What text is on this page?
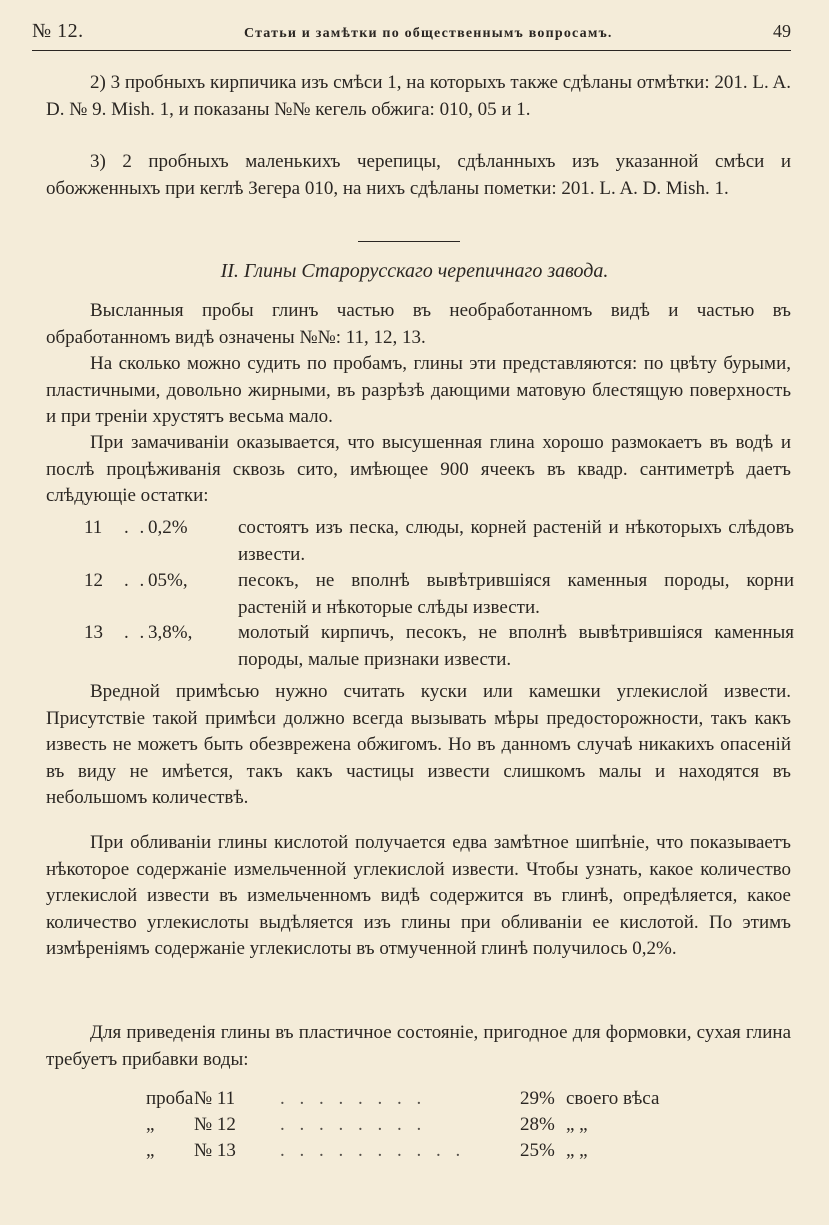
№ 12.	Статьи и замѣтки по общественнымъ вопросамъ.	49
2) 3 пробныхъ кирпичика изъ смѣси 1, на которыхъ также сдѣланы отмѣтки: 201. L. A. D. № 9. Mish. 1, и показаны №№ кегель обжига: 010, 05 и 1.
3) 2 пробныхъ маленькихъ черепицы, сдѣланныхъ изъ указанной смѣси и обожженныхъ при кеглѣ Зегера 010, на нихъ сдѣланы пометки: 201. L. A. D. Mish. 1.
II. Глины Старорусскаго черепичнаго завода.
Высланныя пробы глинъ частью въ необработанномъ видѣ и частью въ обработанномъ видѣ означены №№: 11, 12, 13.
На сколько можно судить по пробамъ, глины эти представляются: по цвѣту бурыми, пластичными, довольно жирными, въ разрѣзѣ дающими матовую блестящую поверхность и при треніи хрустятъ весьма мало.
При замачиваніи оказывается, что высушенная глина хорошо размокаетъ въ водѣ и послѣ процѣживанія сквозь сито, имѣющее 900 ячеекъ въ квадр. сантиметрѣ даетъ слѣдующіе остатки:
11	. . 0,2%	состоятъ изъ песка, слюды, корней растеній и нѣкоторыхъ слѣдовъ извести.
12	. . 05%,	песокъ, не вполнѣ вывѣтрившіяся каменныя породы, корни растеній и нѣкоторые слѣды извести.
13	. . 3,8%,	молотый кирпичъ, песокъ, не вполнѣ вывѣтрившіяся каменныя породы, малые признаки извести.
Вредной примѣсью нужно считать куски или камешки углекислой извести. Присутствіе такой примѣси должно всегда вызывать мѣры предосторожности, такъ какъ известь не можетъ быть обезврежена обжигомъ. Но въ данномъ случаѣ никакихъ опасеній въ виду не имѣется, такъ какъ частицы извести слишкомъ малы и находятся въ небольшомъ количествѣ.
При обливаніи глины кислотой получается едва замѣтное шипѣніе, что показываетъ нѣкоторое содержаніе измельченной углекислой извести. Чтобы узнать, какое количество углекислой извести въ измельченномъ видѣ содержится въ глинѣ, опредѣляется, какое количество углекислоты выдѣляется изъ глины при обливаніи ее кислотой. По этимъ измѣреніямъ содержаніе углекислоты въ отмученной глинѣ получилось 0,2%.
Для приведенія глины въ пластичное состояніе, пригодное для формовки, сухая глина требуетъ прибавки воды:
проба № 11	. . . . . . . .	29% своего вѣса
„	№ 12	. . . . . . . .	28% „ „
„	№ 13	. . . . . . . . . .	25% „ „
